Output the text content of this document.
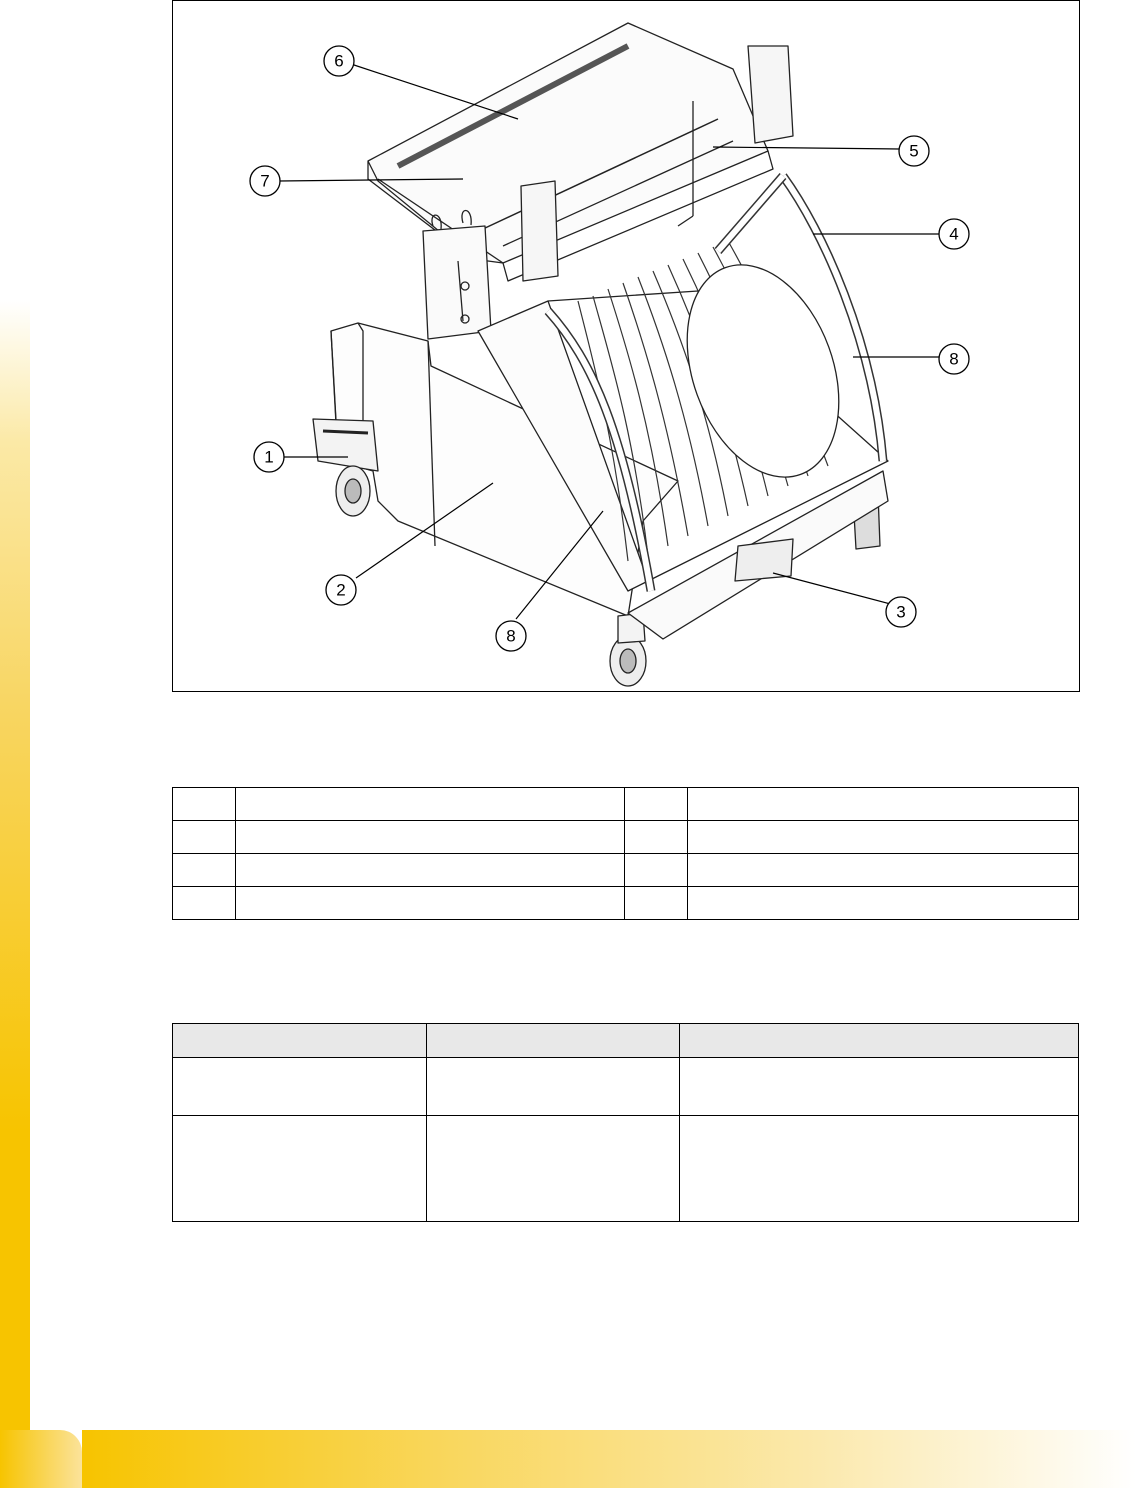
6
5
7
4
8
1
2
3
8
